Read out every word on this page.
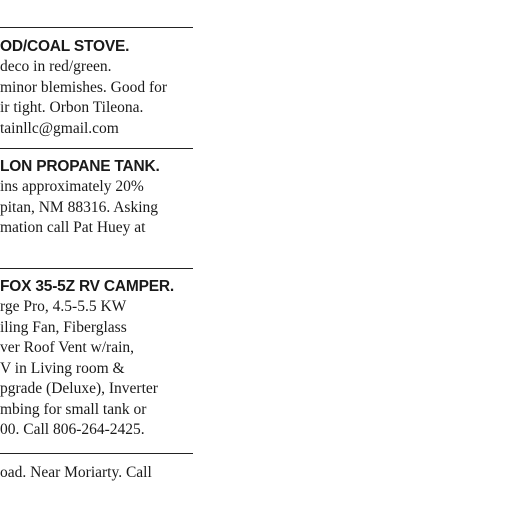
OD/COAL STOVE.
deco in red/green.
minor blemishes. Good for
ir tight. Orbon Tileona.
tainllc@gmail.com
LON PROPANE TANK.
ins approximately 20%
pitan, NM 88316. Asking
mation call Pat Huey at
FOX 35-5Z RV CAMPER.
rge Pro, 4.5-5.5 KW
iling Fan, Fiberglass
ver Roof Vent w/rain,
V in Living room &
pgrade (Deluxe), Inverter
mbing for small tank or
00. Call 806-264-2425.
oad. Near Moriarty. Call
